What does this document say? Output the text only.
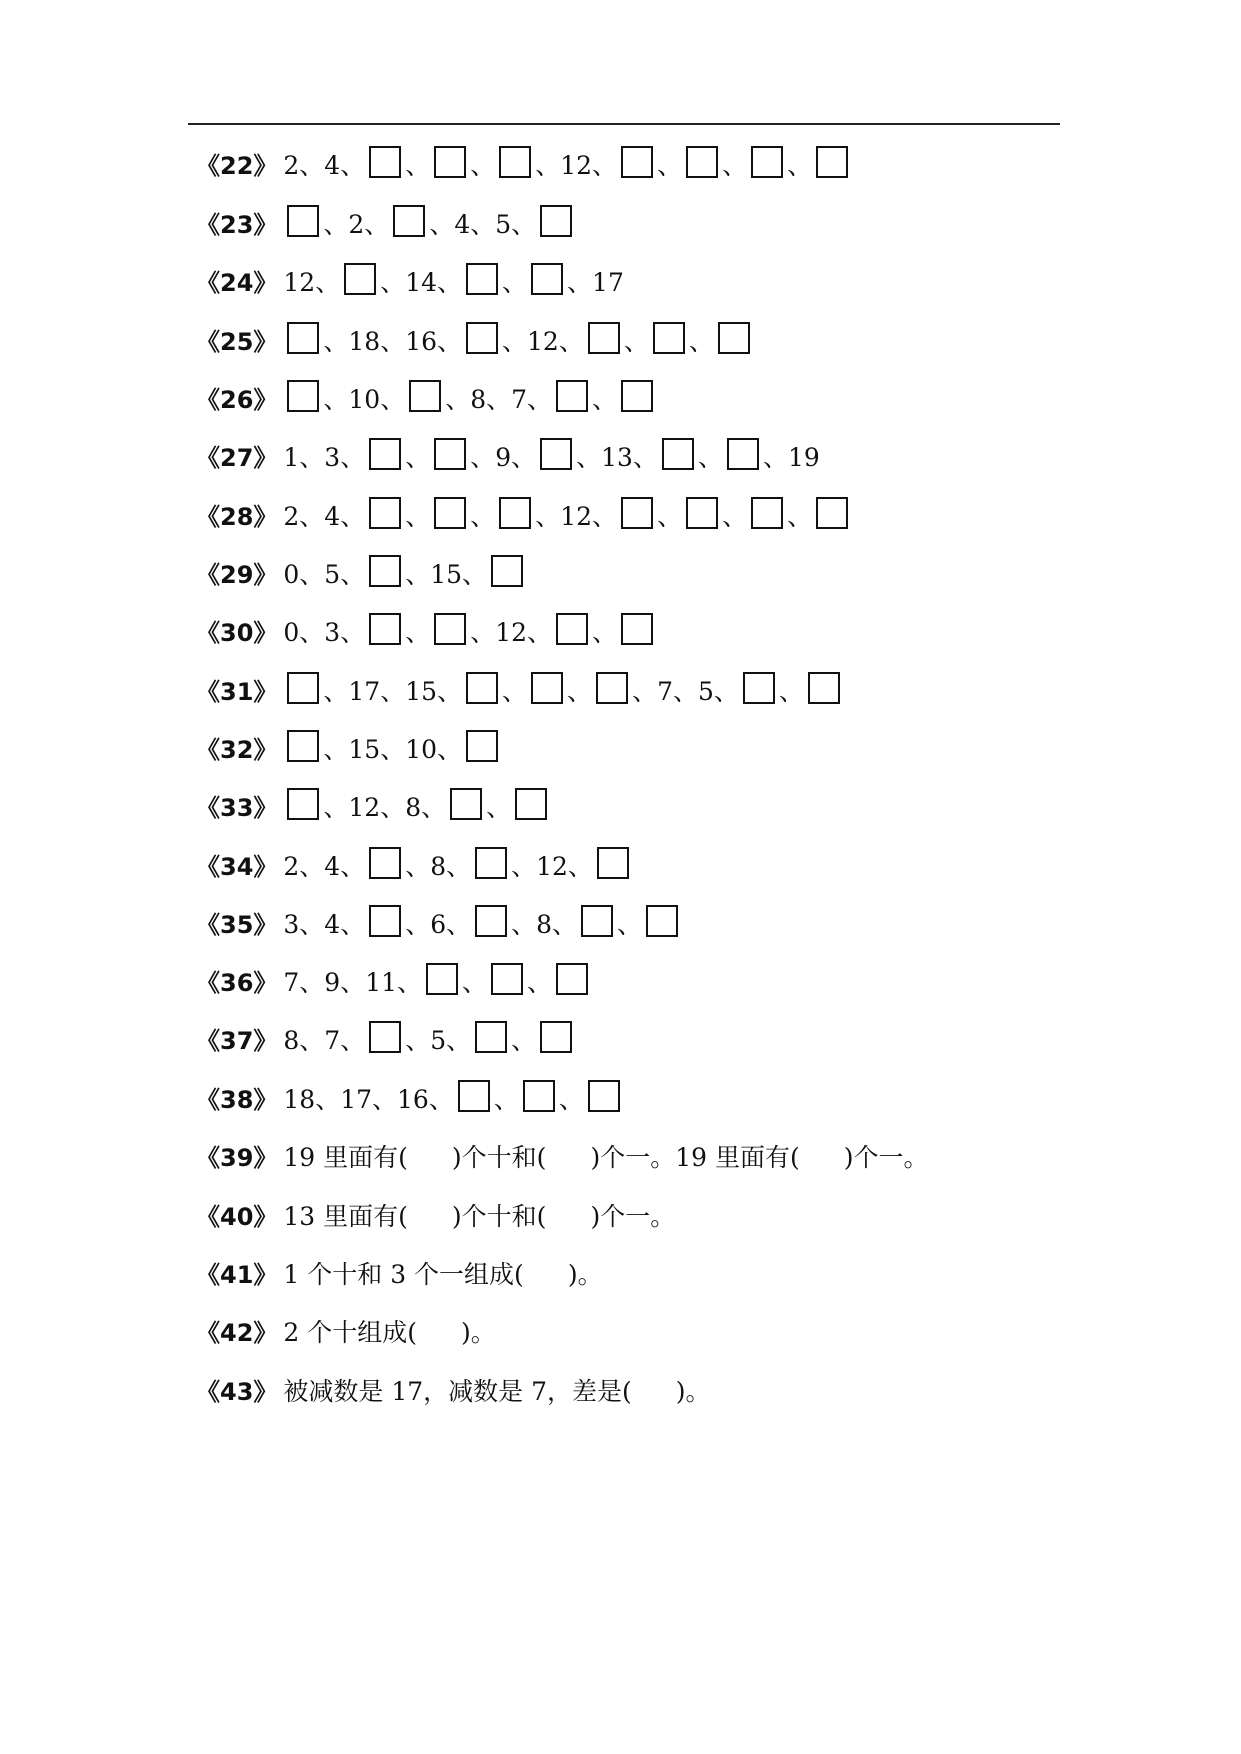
《22》 2、4、 、 、 、12、 、 、 、
《23》 、2、 、4、5、
《24》 12、 、14、 、 、17
《25》 、18、16、 、12、 、 、
《26》 、10、 、8、7、 、
《27》 1、3、 、 、9、 、13、 、 、19
《28》 2、4、 、 、 、12、 、 、 、
《29》 0、5、 、15、
《30》 0、3、 、 、12、 、
《31》 、17、15、 、 、 、7、5、 、
《32》 、15、10、
《33》 、12、8、 、
《34》 2、4、 、8、 、12、
《35》 3、4、 、6、 、8、 、
《36》 7、9、11、 、 、
《37》 8、7、 、5、 、
《38》 18、17、16、 、 、
《39》 19 里面有( )个十和( )个一。19 里面有( )个一。
《40》 13 里面有( )个十和( )个一。
《41》 1 个十和 3 个一组成( )。
《42》 2 个十组成( )。
《43》 被减数是 17，减数是 7，差是( )。
